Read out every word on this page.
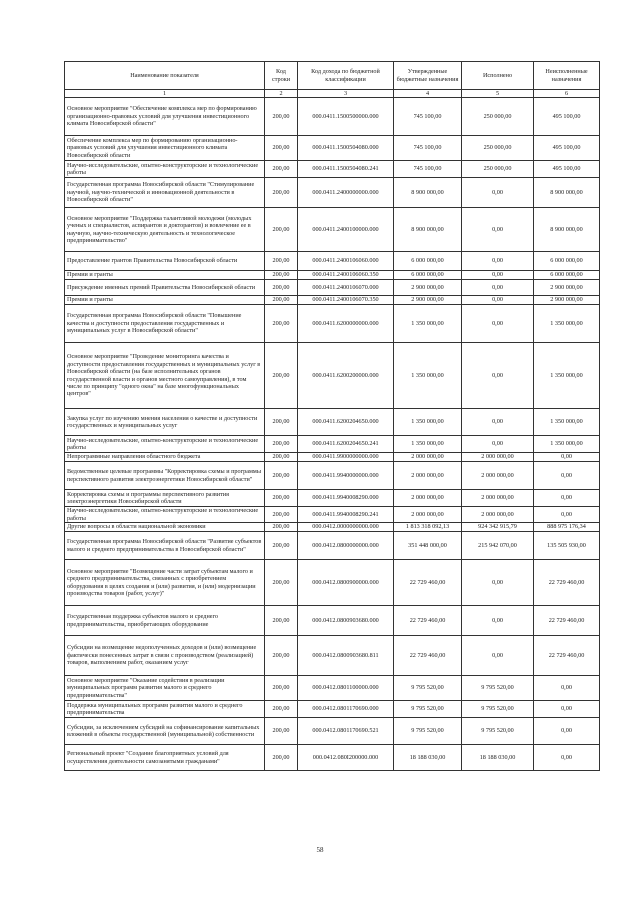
Наименование показателя	Код строки	Код дохода по бюджетной классификации	Утвержденные бюджетные назначения	Исполнено	Неисполненные назначения
1	2	3	4	5	6
Основное мероприятие "Обеспечение комплекса мер по формированию организационно-правовых условий для улучшения инвестиционного климата Новосибирской области"	200,00	000.0411.1500500000.000	745 100,00	250 000,00	495 100,00
Обеспечение комплекса мер по формированию организационно-правовых условий для улучшения инвестиционного климата Новосибирской области	200,00	000.0411.1500504080.000	745 100,00	250 000,00	495 100,00
Научно-исследовательские, опытно-конструкторские и технологические работы	200,00	000.0411.1500504080.241	745 100,00	250 000,00	495 100,00
Государственная программа Новосибирской области "Стимулирование научной, научно-технической и инновационной деятельности в Новосибирской области"	200,00	000.0411.2400000000.000	8 900 000,00	0,00	8 900 000,00
Основное мероприятие "Поддержка талантливой молодежи (молодых ученых и специалистов, аспирантов и докторантов) и вовлечение ее в научную, научно-техническую деятельность и технологическое предпринимательство"	200,00	000.0411.2400100000.000	8 900 000,00	0,00	8 900 000,00
Предоставление грантов Правительства Новосибирской области	200,00	000.0411.2400106060.000	6 000 000,00	0,00	6 000 000,00
Премии и гранты	200,00	000.0411.2400106060.350	6 000 000,00	0,00	6 000 000,00
Присуждение именных премий Правительства Новосибирской области	200,00	000.0411.2400106070.000	2 900 000,00	0,00	2 900 000,00
Премии и гранты	200,00	000.0411.2400106070.350	2 900 000,00	0,00	2 900 000,00
Государственная программа Новосибирской области "Повышение качества и доступности предоставления государственных и муниципальных услуг в Новосибирской области"	200,00	000.0411.6200000000.000	1 350 000,00	0,00	1 350 000,00
Основное мероприятие "Проведение мониторинга качества и доступности предоставления государственных и муниципальных услуг в Новосибирской области (на базе исполнительных органов государственной власти и органов местного самоуправления), в том числе по принципу "одного окна" на базе многофункциональных центров"	200,00	000.0411.6200200000.000	1 350 000,00	0,00	1 350 000,00
Закупка услуг по изучению мнения населения о качестве и доступности государственных и муниципальных услуг	200,00	000.0411.6200204650.000	1 350 000,00	0,00	1 350 000,00
Научно-исследовательские, опытно-конструкторские и технологические работы	200,00	000.0411.6200204650.241	1 350 000,00	0,00	1 350 000,00
Непрограммные направления областного бюджета	200,00	000.0411.9900000000.000	2 000 000,00	2 000 000,00	0,00
Ведомственные целевые программы "Корректировка схемы и программы перспективного развития электроэнергетики Новосибирской области"	200,00	000.0411.9940000000.000	2 000 000,00	2 000 000,00	0,00
Корректировка схемы и программы перспективного развития электроэнергетики Новосибирской области	200,00	000.0411.9940008290.000	2 000 000,00	2 000 000,00	0,00
Научно-исследовательские, опытно-конструкторские и технологические работы	200,00	000.0411.9940008290.241	2 000 000,00	2 000 000,00	0,00
Другие вопросы в области национальной экономики	200,00	000.0412.0000000000.000	1 813 318 092,13	924 342 915,79	888 975 176,34
Государственная программа Новосибирской области "Развитие субъектов малого и среднего предпринимательства в Новосибирской области"	200,00	000.0412.0800000000.000	351 448 000,00	215 942 070,00	135 505 930,00
Основное мероприятие "Возмещение части затрат субъектам малого и среднего предпринимательства, связанных с приобретением оборудования в целях создания и (или) развития, и (или) модернизации производства товаров (работ, услуг)"	200,00	000.0412.0800900000.000	22 729 460,00	0,00	22 729 460,00
Государственная поддержка субъектов малого и среднего предпринимательства, приобретающих оборудование	200,00	000.0412.0800903680.000	22 729 460,00	0,00	22 729 460,00
Субсидии на возмещение недополученных доходов и (или) возмещение фактически понесенных затрат в связи с производством (реализацией) товаров, выполнением работ, оказанием услуг	200,00	000.0412.0800903680.811	22 729 460,00	0,00	22 729 460,00
Основное мероприятие "Оказание содействия в реализации муниципальных программ развития малого и среднего предпринимательства"	200,00	000.0412.0801100000.000	9 795 520,00	9 795 520,00	0,00
Поддержка муниципальных программ развития малого и среднего предпринимательства	200,00	000.0412.0801170690.000	9 795 520,00	9 795 520,00	0,00
Субсидии, за исключением субсидий на софинансирование капитальных вложений в объекты государственной (муниципальной) собственности	200,00	000.0412.0801170690.521	9 795 520,00	9 795 520,00	0,00
Региональный проект "Создание благоприятных условий для осуществления деятельности самозанятыми гражданами"	200,00	000.0412.080I200000.000	18 188 030,00	18 188 030,00	0,00
58
